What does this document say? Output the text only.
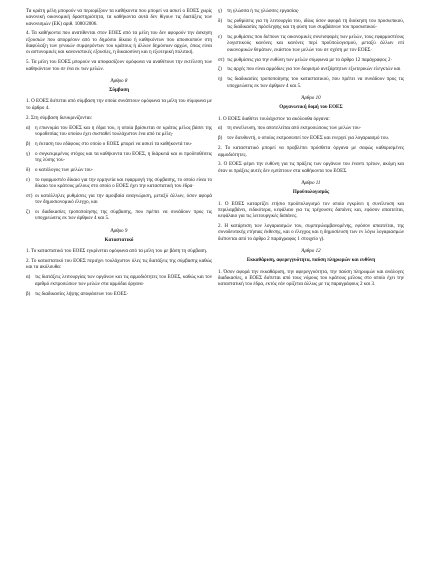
Τα κράτη μέλη μπορούν να περιορίζουν τα καθήκοντα που μπορεί να ασκεί ο ΕΟΕΣ χωρίς κανονική οικονομική δραστηριότητα, τα καθήκοντα αυτά δεν θίγουν τις διατάξεις των κανονισμών (ΕΚ) αριθ. 1080/2006.
4. Τα καθήκοντα που ανατίθενται στον ΕΟΕΣ από τα μέλη του δεν αφορούν την άσκηση εξουσιών που απορρέουν από το δημόσιο δίκαιο ή καθηκόντων που αποσκοπούν στη διαφύλαξη των γενικών συμφερόντων του κράτους ή άλλων δημόσιων αρχών, όπως είναι οι αστυνομικές και κανονιστικές εξουσίες, η δικαιοσύνη και η εξωτερική πολιτική.
5. Τα μέλη του ΕΟΕΣ μπορούν να αποφασίζουν ομόφωνα να αναθέτουν την εκτέλεση των καθηκόντων του σε ένα εκ των μελών.
Άρθρο 8
Σύμβαση
1. Ο ΕΟΕΣ διέπεται από σύμβαση την οποία συνάπτουν ομόφωνα τα μέλη του σύμφωνα με το άρθρο 4.
2. Στη σύμβαση διευκρινίζονται:
α) η επωνυμία του ΕΟΕΣ και η έδρα του, η οποία βρίσκεται σε κράτος μέλος βάσει της νομοθεσίας του οποίου έχει συσταθεί τουλάχιστον ένα από τα μέλη·
β) η έκταση του εδάφους στο οποίο ο ΕΟΕΣ μπορεί να ασκεί τα καθήκοντά του·
γ)	ο συγκεκριμένος στόχος και τα καθήκοντα του ΕΟΕΣ, η διάρκειά και οι προϋποθέσεις της λύσης του·
δ) ο κατάλογος των μελών του·
ε)	το εφαρμοστέο δίκαιο για την ερμηνεία και εφαρμογή της σύμβασης, το οποίο είναι το δίκαιο του κράτους μέλους στο οποίο ο ΕΟΕΣ έχει την καταστατική του έδρα·
στ) οι κατάλληλες ρυθμίσεις για την αμοιβαία αναγνώριση, μεταξύ άλλων, όσον αφορά τον δημοσιονομικό έλεγχο, και
ζ)	οι διαδικασίες τροποποίησης της σύμβασης, που πρέπει να συνάδουν προς τις υποχρεώσεις εκ των άρθρων 4 και 5.
Άρθρο 9
Καταστατικό
1. Το καταστατικό του ΕΟΕΣ εγκρίνεται ομόφωνα από τα μέλη του με βάση τη σύμβαση.
2. Το καταστατικό του ΕΟΕΣ περιέχει τουλάχιστον όλες τις διατάξεις της σύμβασης καθώς και τα ακόλουθα:
α) τις διατάξεις λειτουργίας των οργάνων και τις αρμοδιότητες του ΕΟΕΣ, καθώς και τον αριθμό εκπροσώπων των μελών στα αρμόδια όργανα·
β) τις διαδικασίες λήψης αποφάσεων του ΕΟΕΣ·
γ)	τη γλώσσα ή τις γλώσσες εργασίας·
δ) τις ρυθμίσεις για τη λειτουργία του, ιδίως όσον αφορά τη διοίκηση του προσωπικού, τις διαδικασίες πρόσληψης και τη φύση των συμβάσεων του προσωπικού·
ε)	τις ρυθμίσεις που διέπουν τις οικονομικές συνεισφορές των μελών, τους εφαρμοστέους λογιστικούς κανόνες και κανόνες περί προϋπολογισμού, μεταξύ άλλων επί οικονομικών θεμάτων, εκάστου των μελών του σε σχέση με τον ΕΟΕΣ·
στ) τις ρυθμίσεις για την ευθύνη των μελών σύμφωνα με το άρθρο 12 παράγραφος 2·
ζ)	τις αρχές που είναι αρμόδιες για τον διορισμό ανεξάρτητων εξωτερικών ελεγκτών και
η) τις διαδικασίες τροποποίησης του καταστατικού, που πρέπει να συνάδουν προς τις υποχρεώσεις εκ των άρθρων 4 και 5.
Άρθρο 10
Οργανωτική δομή του ΕΟΕΣ
1. Ο ΕΟΕΣ διαθέτει τουλάχιστον τα ακόλουθα όργανα:
α) τη συνέλευση, που αποτελείται από εκπροσώπους των μελών του·
β) τον διευθυντή, ο οποίος εκπροσωπεί τον ΕΟΕΣ και ενεργεί για λογαριασμό του.
2. Το καταστατικό μπορεί να προβλέπει πρόσθετα όργανα με σαφώς καθορισμένες αρμοδιότητες.
3. Ο ΕΟΕΣ φέρει την ευθύνη για τις πράξεις των οργάνων του έναντι τρίτων, ακόμη και όταν οι πράξεις αυτές δεν εμπίπτουν στα καθήκοντα του ΕΟΕΣ.
Άρθρο 11
Προϋπολογισμός
1. Ο ΕΟΕΣ καταρτίζει ετήσιο προϋπολογισμό τον οποίο εγκρίνει η συνέλευση και περιλαμβάνει, ειδικότερα, κεφάλαιο για τις τρέχουσες δαπάνες και, εφόσον απαιτείται, κεφάλαιο για τις λειτουργικές δαπάνες.
2. Η κατάρτιση των λογαριασμών του, συμπεριλαμβανομένης, εφόσον απαιτείται, της συνοδευτικής ετήσιας έκθεσης, και ο έλεγχος και η δημοσίευση των εν λόγω λογαριασμών διέπονται από το άρθρο 2 παράγραφος 1 στοιχείο γ).
Άρθρο 12
Εκκαθάριση, αφερεγγυότητα, παύση πληρωμών και ευθύνη
1. Όσον αφορά την εκκαθάριση, την αφερεγγυότητα, την παύση πληρωμών και ανάλογες διαδικασίες, ο ΕΟΕΣ διέπεται από τους νόμους του κράτους μέλους στο οποίο έχει την καταστατική του έδρα, εκτός εάν ορίζεται άλλως με τις παραγράφους 2 και 3.
